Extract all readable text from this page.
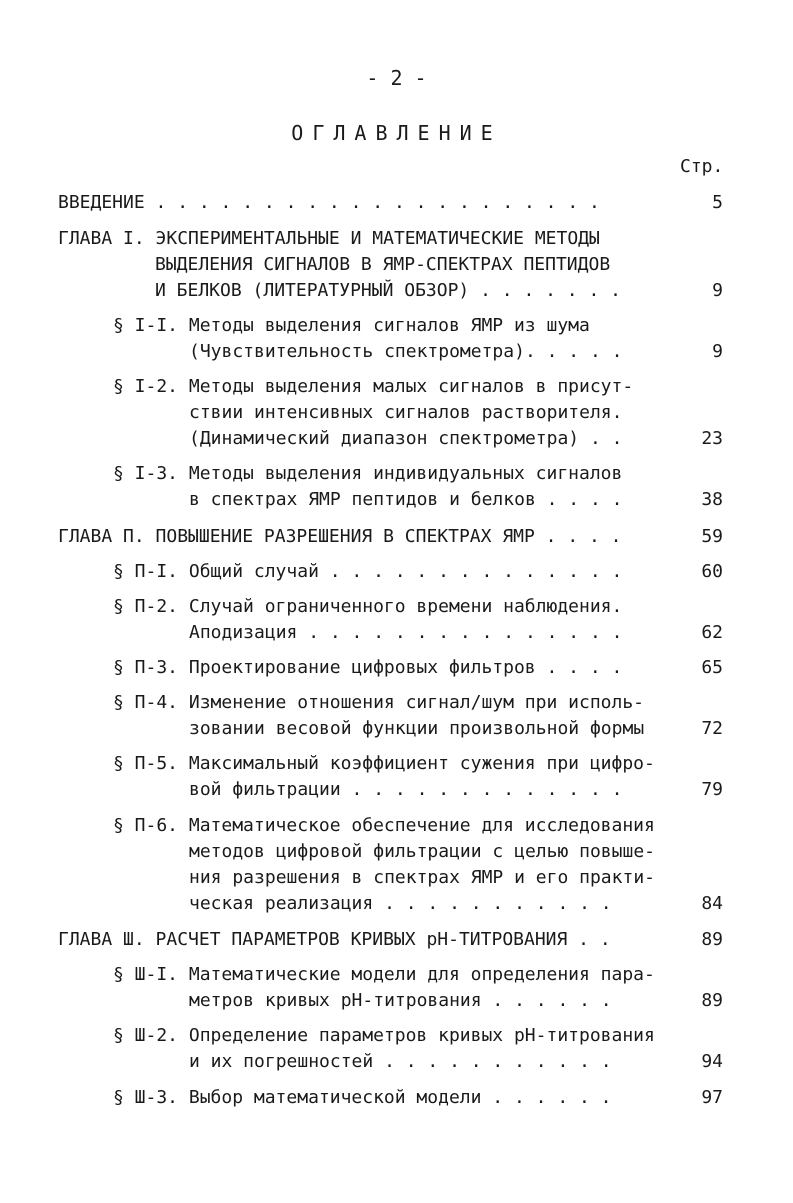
- 2 -
ОГЛАВЛЕНИЕ
Стр.
ВВЕДЕНИЕ . . . . . . . . . . . . . . . . . . . . .	5
ГЛАВА I. ЭКСПЕРИМЕНТАЛЬНЫЕ И МАТЕМАТИЧЕСКИЕ МЕТОДЫ
ВЫДЕЛЕНИЯ СИГНАЛОВ В ЯМР-СПЕКТРАХ ПЕПТИДОВ
И БЕЛКОВ (ЛИТЕРАТУРНЫЙ ОБЗОР) . . . . . . .	9
§ I-I. Методы выделения сигналов ЯМР из шума
(Чувствительность спектрометра). . . . .	9
§ I-2. Методы выделения малых сигналов в присут-
ствии интенсивных сигналов растворителя.
(Динамический диапазон спектрометра) . .	23
§ I-3. Методы выделения индивидуальных сигналов
в спектрах ЯМР пептидов и белков . . . .	38
ГЛАВА П. ПОВЫШЕНИЕ РАЗРЕШЕНИЯ В СПЕКТРАХ ЯМР . . . .	59
§ П-I. Общий случай . . . . . . . . . . . . . .	60
§ П-2. Случай ограниченного времени наблюдения.
Аподизация . . . . . . . . . . . . . . .	62
§ П-3. Проектирование цифровых фильтров . . . .	65
§ П-4. Изменение отношения сигнал/шум при исполь-
зовании весовой функции произвольной формы	72
§ П-5. Максимальный коэффициент сужения при цифро-
вой фильтрации . . . . . . . . . . . . .	79
§ П-6. Математическое обеспечение для исследования
методов цифровой фильтрации с целью повыше-
ния разрешения в спектрах ЯМР и его практи-
ческая реализация . . . . . . . . . . .	84
ГЛАВА Ш. РАСЧЕТ ПАРАМЕТРОВ КРИВЫХ рН-ТИТРОВАНИЯ . .	89
§ Ш-I. Математические модели для определения пара-
метров кривых рН-титрования . . . . . .	89
§ Ш-2. Определение параметров кривых рН-титрования
и их погрешностей . . . . . . . . . . .	94
§ Ш-3. Выбор математической модели . . . . . .	97
